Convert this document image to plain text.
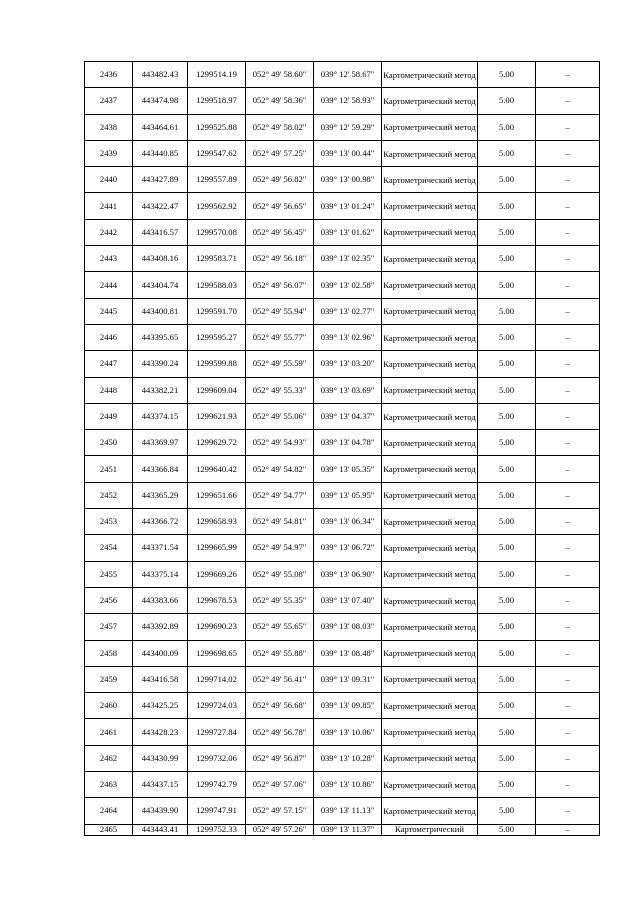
2436	443482.43	1299514.19	052° 49' 58.60"	039° 12' 58.67"	Картометрический метод	5.00	–
2437	443474.98	1299518.97	052° 49' 58.36"	039° 12' 58.93"	Картометрический метод	5.00	–
2438	443464.61	1299525.88	052° 49' 58.02"	039° 12' 59.29"	Картометрический метод	5.00	–
2439	443440.85	1299547.62	052° 49' 57.25"	039° 13' 00.44"	Картометрический метод	5.00	–
2440	443427.89	1299557.89	052° 49' 56.82"	039° 13' 00.98"	Картометрический метод	5.00	–
2441	443422.47	1299562.92	052° 49' 56.65"	039° 13' 01.24"	Картометрический метод	5.00	–
2442	443416.57	1299570.08	052° 49' 56.45"	039° 13' 01.62"	Картометрический метод	5.00	–
2443	443408.16	1299583.71	052° 49' 56.18"	039° 13' 02.35"	Картометрический метод	5.00	–
2444	443404.74	1299588.03	052° 49' 56.07"	039° 13' 02.58"	Картометрический метод	5.00	–
2445	443400.81	1299591.70	052° 49' 55.94"	039° 13' 02.77"	Картометрический метод	5.00	–
2446	443395.65	1299595.27	052° 49' 55.77"	039° 13' 02.96"	Картометрический метод	5.00	–
2447	443390.24	1299599.88	052° 49' 55.59"	039° 13' 03.20"	Картометрический метод	5.00	–
2448	443382.21	1299609.04	052° 49' 55.33"	039° 13' 03.69"	Картометрический метод	5.00	–
2449	443374.15	1299621.93	052° 49' 55.06"	039° 13' 04.37"	Картометрический метод	5.00	–
2450	443369.97	1299629.72	052° 49' 54.93"	039° 13' 04.78"	Картометрический метод	5.00	–
2451	443366.84	1299640.42	052° 49' 54.82"	039° 13' 05.35"	Картометрический метод	5.00	–
2452	443365.29	1299651.66	052° 49' 54.77"	039° 13' 05.95"	Картометрический метод	5.00	–
2453	443366.72	1299658.93	052° 49' 54.81"	039° 13' 06.34"	Картометрический метод	5.00	–
2454	443371.54	1299665.99	052° 49' 54.97"	039° 13' 06.72"	Картометрический метод	5.00	–
2455	443375.14	1299669.26	052° 49' 55.08"	039° 13' 06.90"	Картометрический метод	5.00	–
2456	443383.66	1299678.53	052° 49' 55.35"	039° 13' 07.40"	Картометрический метод	5.00	–
2457	443392.89	1299690.23	052° 49' 55.65"	039° 13' 08.03"	Картометрический метод	5.00	–
2458	443400.09	1299698.65	052° 49' 55.88"	039° 13' 08.48"	Картометрический метод	5.00	–
2459	443416.58	1299714.02	052° 49' 56.41"	039° 13' 09.31"	Картометрический метод	5.00	–
2460	443425.25	1299724.03	052° 49' 56.68"	039° 13' 09.85"	Картометрический метод	5.00	–
2461	443428.23	1299727.84	052° 49' 56.78"	039° 13' 10.06"	Картометрический метод	5.00	–
2462	443430.99	1299732.06	052° 49' 56.87"	039° 13' 10.28"	Картометрический метод	5.00	–
2463	443437.15	1299742.79	052° 49' 57.06"	039° 13' 10.86"	Картометрический метод	5.00	–
2464	443439.90	1299747.91	052° 49' 57.15"	039° 13' 11.13"	Картометрический метод	5.00	–
2465	443443.41	1299752.33	052° 49' 57.26"	039° 13' 11.37"	Картометрический	5.00	–
